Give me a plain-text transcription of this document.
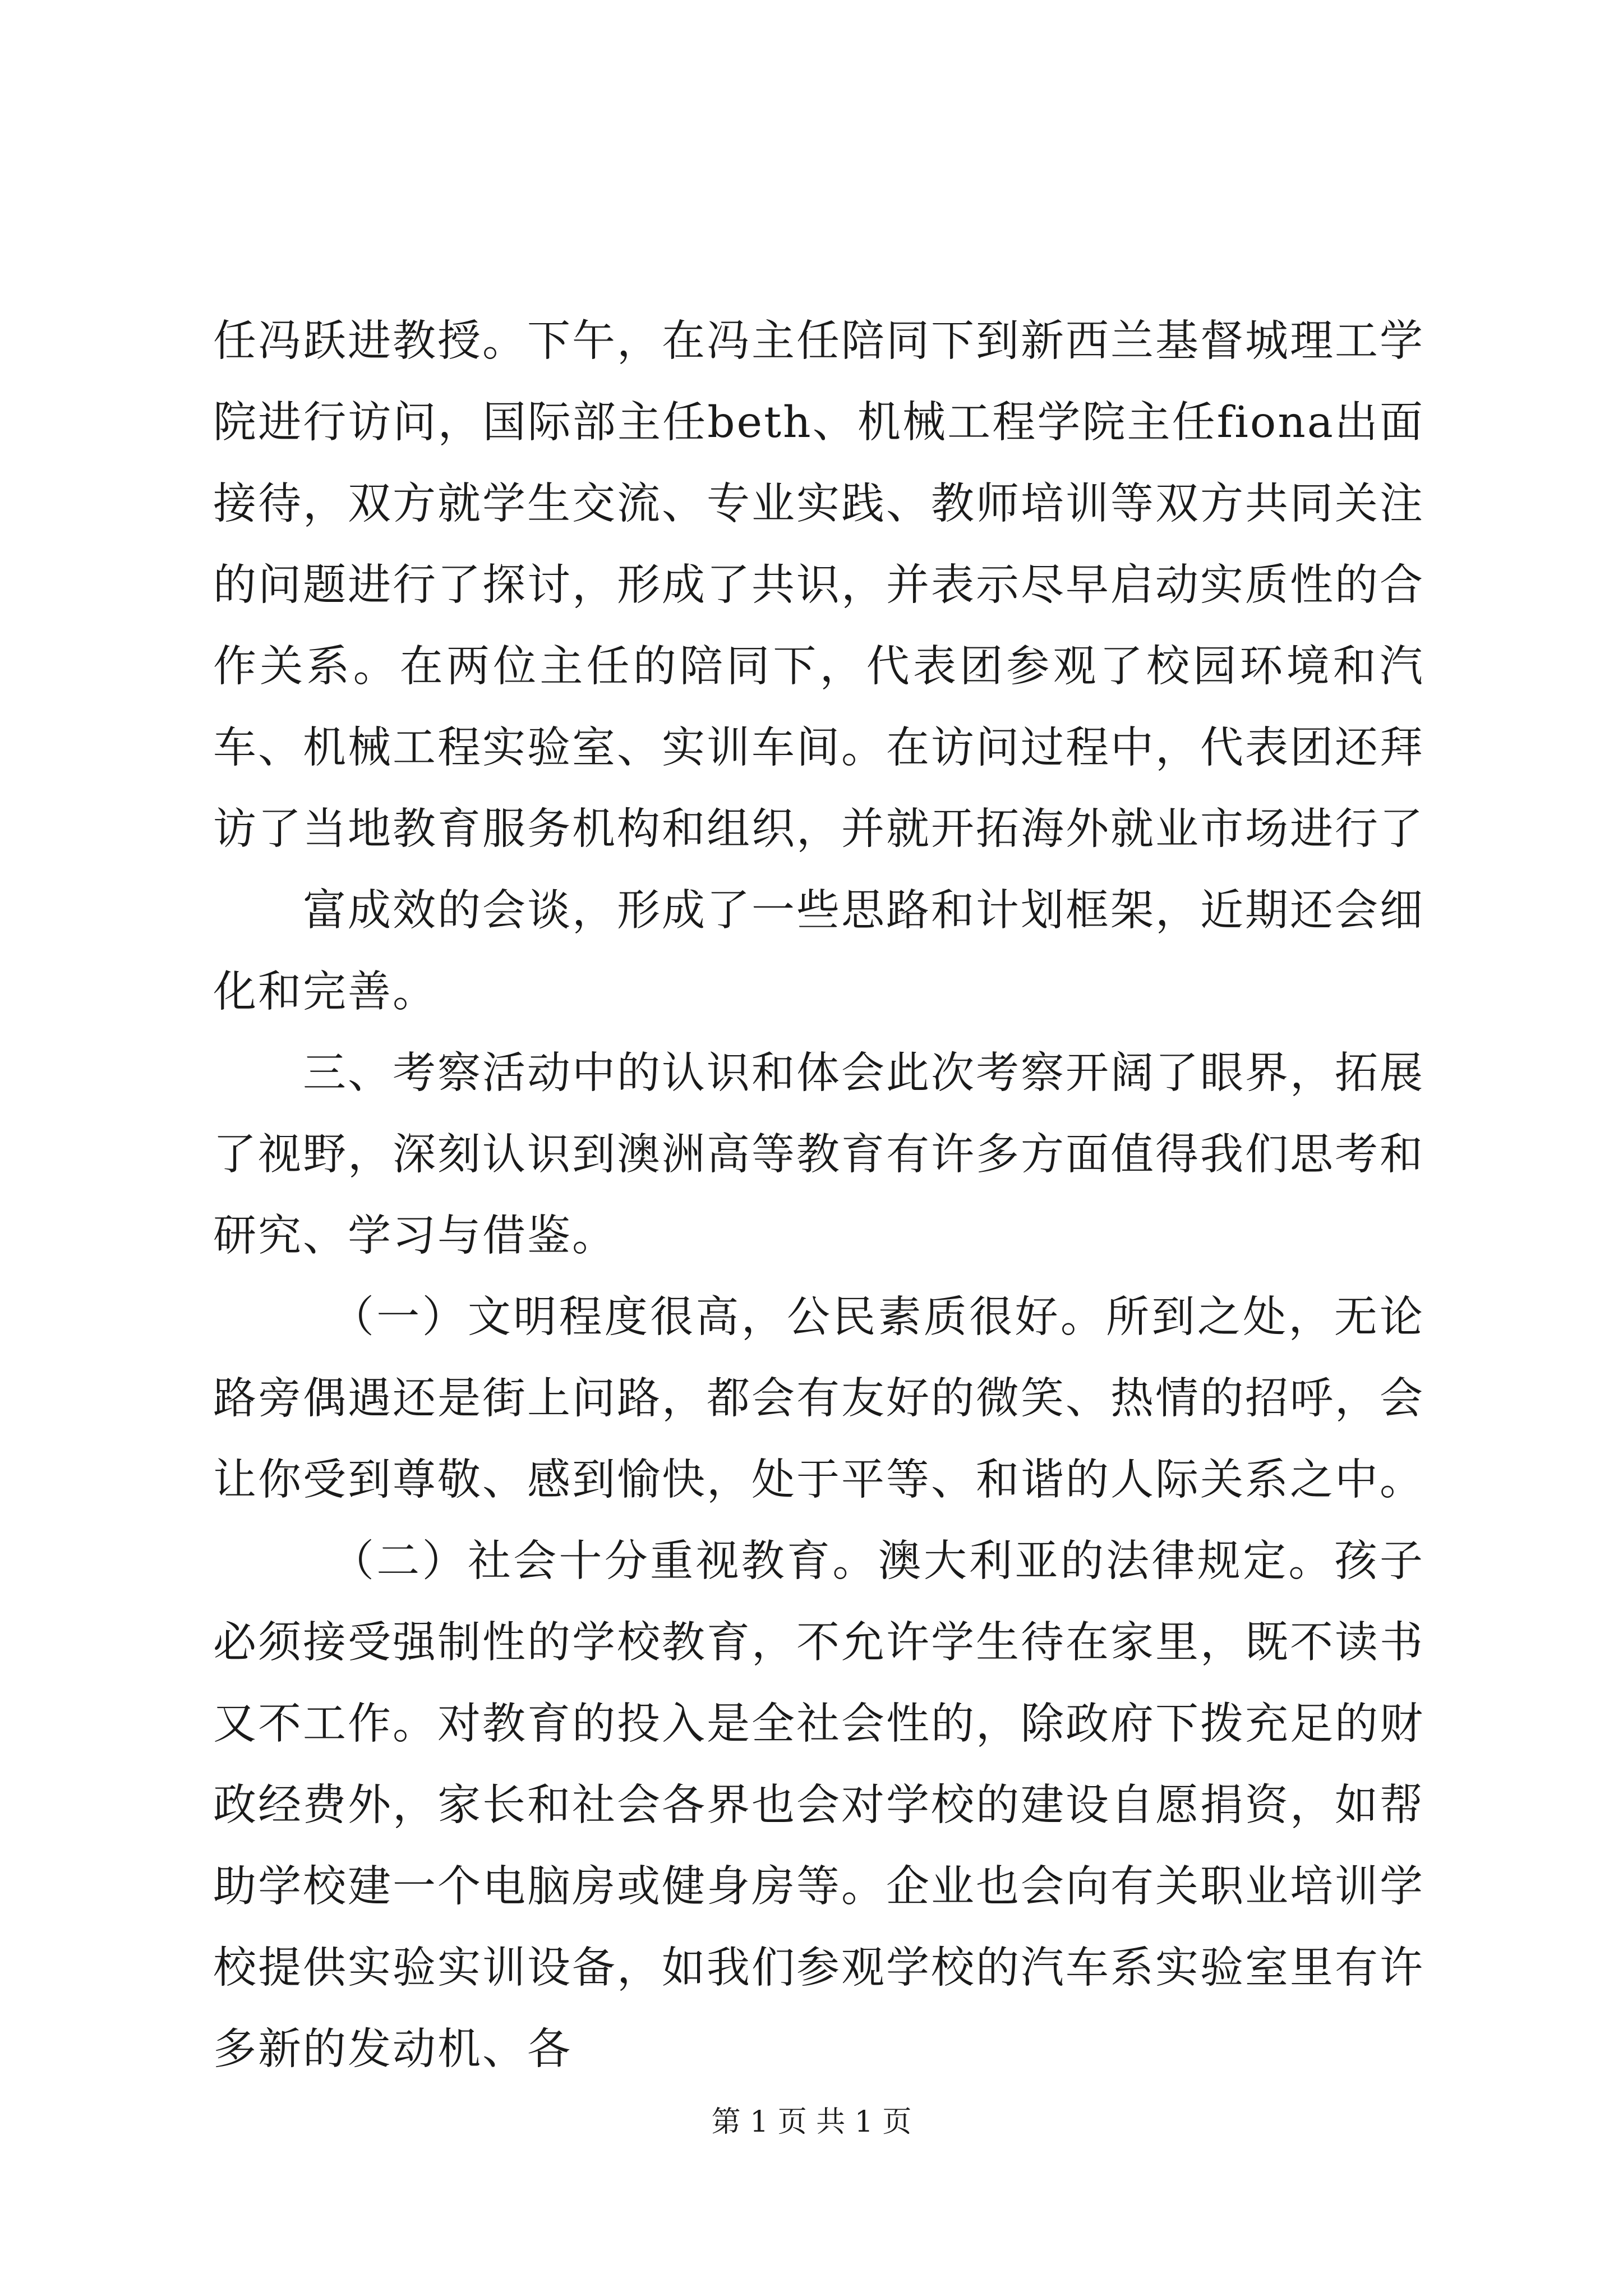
任冯跃进教授。下午，在冯主任陪同下到新西兰基督城理工学院进行访问，国际部主任beth、机械工程学院主任fiona出面接待，双方就学生交流、专业实践、教师培训等双方共同关注的问题进行了探讨，形成了共识，并表示尽早启动实质性的合作关系。在两位主任的陪同下，代表团参观了校园环境和汽车、机械工程实验室、实训车间。在访问过程中，代表团还拜访了当地教育服务机构和组织，并就开拓海外就业市场进行了

富成效的会谈，形成了一些思路和计划框架，近期还会细化和完善。

三、考察活动中的认识和体会此次考察开阔了眼界，拓展了视野，深刻认识到澳洲高等教育有许多方面值得我们思考和研究、学习与借鉴。

（一）文明程度很高，公民素质很好。所到之处，无论路旁偶遇还是街上问路，都会有友好的微笑、热情的招呼，会让你受到尊敬、感到愉快，处于平等、和谐的人际关系之中。

（二）社会十分重视教育。澳大利亚的法律规定。孩子必须接受强制性的学校教育，不允许学生待在家里，既不读书又不工作。对教育的投入是全社会性的，除政府下拨充足的财政经费外，家长和社会各界也会对学校的建设自愿捐资，如帮助学校建一个电脑房或健身房等。企业也会向有关职业培训学校提供实验实训设备，如我们参观学校的汽车系实验室里有许多新的发动机、各

第 1 页 共 1 页
